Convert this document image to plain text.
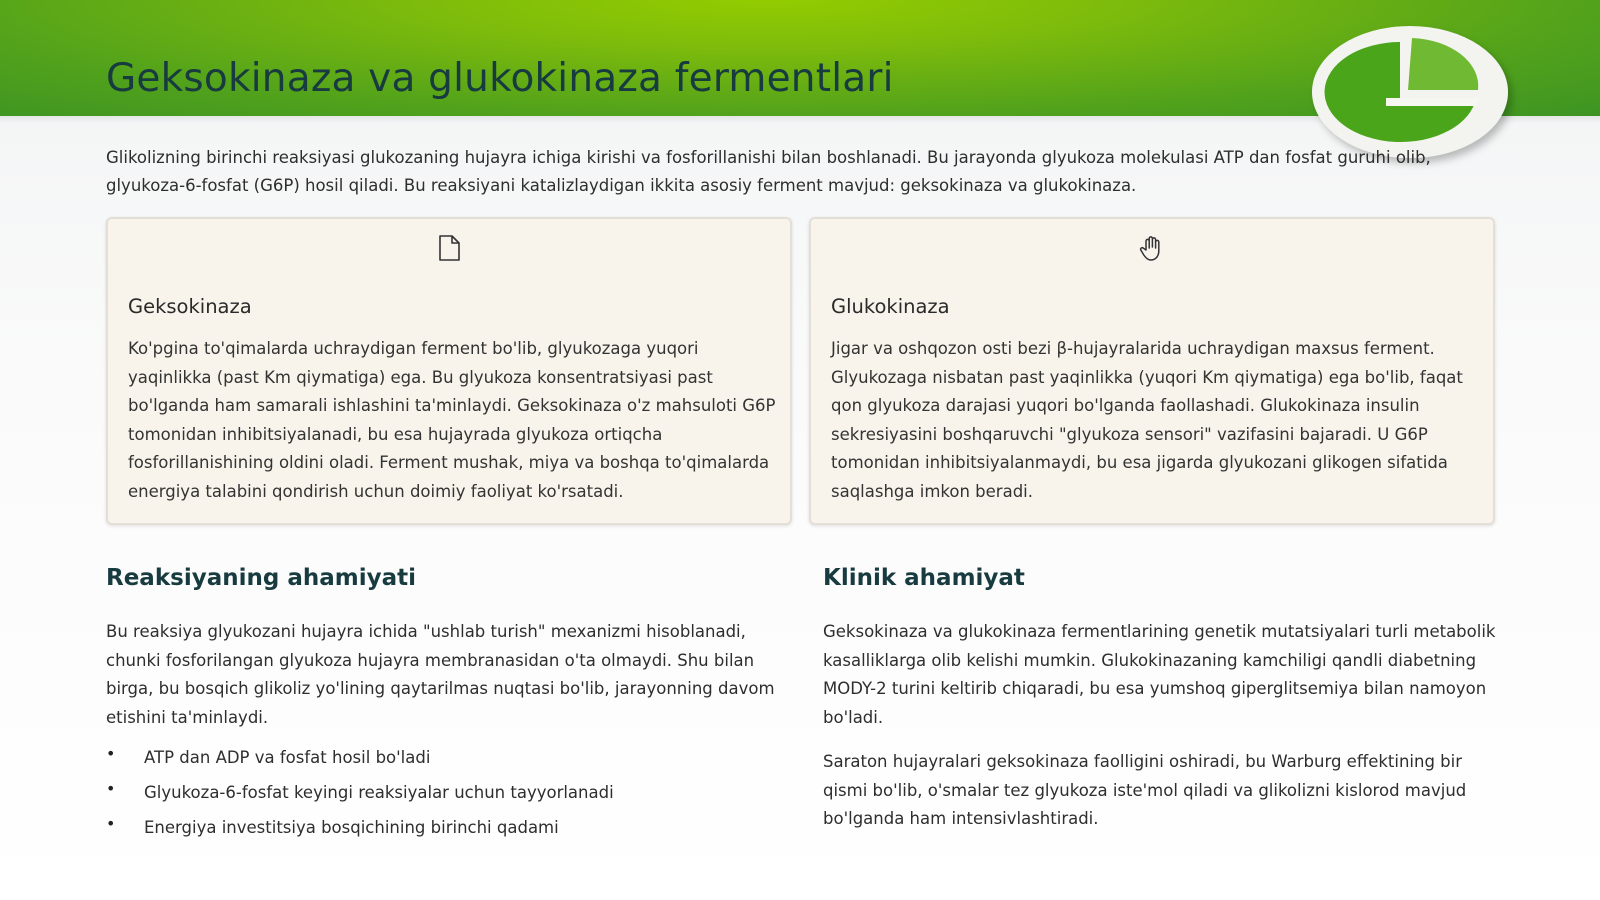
Geksokinaza va glukokinaza fermentlari

Glikolizning birinchi reaksiyasi glukozaning hujayra ichiga kirishi va fosforillanishi bilan boshlanadi. Bu jarayonda glyukoza molekulasi ATP dan fosfat guruhi olib, glyukoza-6-fosfat (G6P) hosil qiladi. Bu reaksiyani katalizlaydigan ikkita asosiy ferment mavjud: geksokinaza va glukokinaza.

Geksokinaza

Ko'pgina to'qimalarda uchraydigan ferment bo'lib, glyukozaga yuqori yaqinlikka (past Km qiymatiga) ega. Bu glyukoza konsentratsiyasi past bo'lganda ham samarali ishlashini ta'minlaydi. Geksokinaza o'z mahsuloti G6P tomonidan inhibitsiyalanadi, bu esa hujayrada glyukoza ortiqcha fosforillanishining oldini oladi. Ferment mushak, miya va boshqa to'qimalarda energiya talabini qondirish uchun doimiy faoliyat ko'rsatadi.

Glukokinaza

Jigar va oshqozon osti bezi β-hujayralarida uchraydigan maxsus ferment. Glyukozaga nisbatan past yaqinlikka (yuqori Km qiymatiga) ega bo'lib, faqat qon glyukoza darajasi yuqori bo'lganda faollashadi. Glukokinaza insulin sekresiyasini boshqaruvchi "glyukoza sensori" vazifasini bajaradi. U G6P tomonidan inhibitsiyalanmaydi, bu esa jigarda glyukozani glikogen sifatida saqlashga imkon beradi.

Reaksiyaning ahamiyati

Bu reaksiya glyukozani hujayra ichida "ushlab turish" mexanizmi hisoblanadi, chunki fosforilangan glyukoza hujayra membranasidan o'ta olmaydi. Shu bilan birga, bu bosqich glikoliz yo'lining qaytarilmas nuqtasi bo'lib, jarayonning davom etishini ta'minlaydi.

• ATP dan ADP va fosfat hosil bo'ladi
• Glyukoza-6-fosfat keyingi reaksiyalar uchun tayyorlanadi
• Energiya investitsiya bosqichining birinchi qadami
Klinik ahamiyat

Geksokinaza va glukokinaza fermentlarining genetik mutatsiyalari turli metabolik kasalliklarga olib kelishi mumkin. Glukokinazaning kamchiligi qandli diabetning MODY-2 turini keltirib chiqaradi, bu esa yumshoq giperglitsemiya bilan namoyon bo'ladi.

Saraton hujayralari geksokinaza faolligini oshiradi, bu Warburg effektining bir qismi bo'lib, o'smalar tez glyukoza iste'mol qiladi va glikolizni kislorod mavjud bo'lganda ham intensivlashtiradi.
